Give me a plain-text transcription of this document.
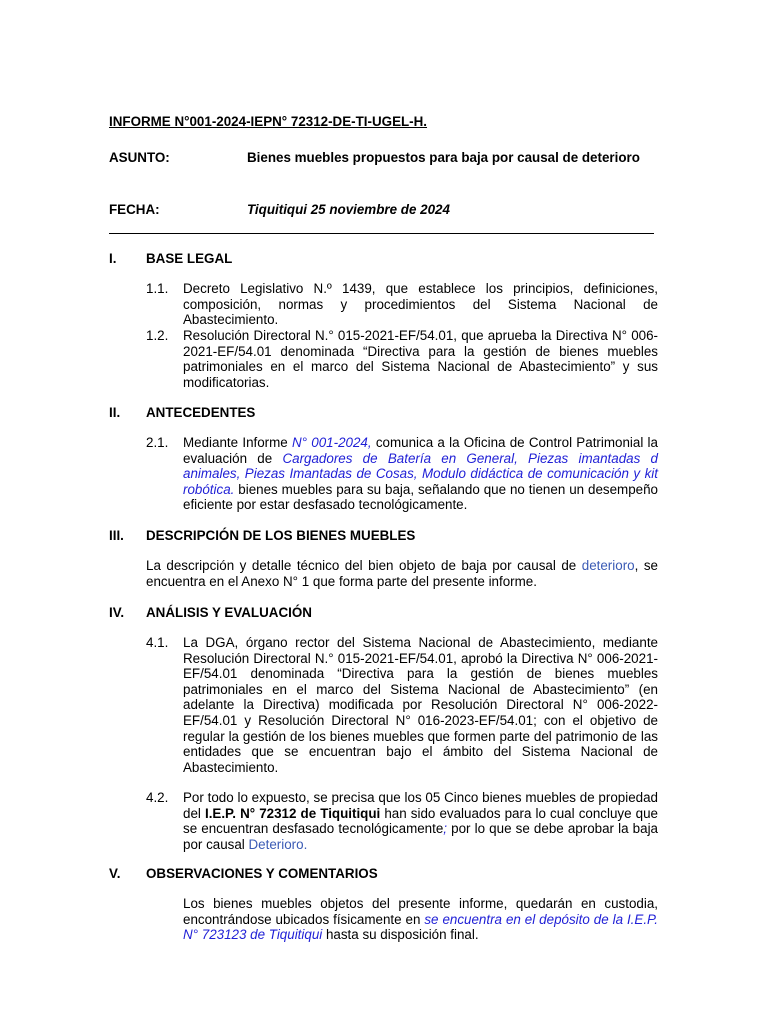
INFORME N°001-2024-IEPN° 72312-DE-TI-UGEL-H.
ASUNTO:	Bienes muebles propuestos para baja por causal de deterioro
FECHA:	Tiquitiqui 25 noviembre de 2024
I. BASE LEGAL
1.1. Decreto Legislativo N.º 1439, que establece los principios, definiciones, composición, normas y procedimientos del Sistema Nacional de Abastecimiento.
1.2. Resolución Directoral N.° 015-2021-EF/54.01, que aprueba la Directiva N° 006-2021-EF/54.01 denominada “Directiva para la gestión de bienes muebles patrimoniales en el marco del Sistema Nacional de Abastecimiento” y sus modificatorias.
II. ANTECEDENTES
2.1. Mediante Informe N° 001-2024, comunica a la Oficina de Control Patrimonial la evaluación de Cargadores de Batería en General, Piezas imantadas d animales, Piezas Imantadas de Cosas, Modulo didáctica de comunicación y kit robótica. bienes muebles para su baja, señalando que no tienen un desempeño eficiente por estar desfasado tecnológicamente.
III. DESCRIPCIÓN DE LOS BIENES MUEBLES
La descripción y detalle técnico del bien objeto de baja por causal de deterioro, se encuentra en el Anexo N° 1 que forma parte del presente informe.
IV. ANÁLISIS Y EVALUACIÓN
4.1. La DGA, órgano rector del Sistema Nacional de Abastecimiento, mediante Resolución Directoral N.° 015-2021-EF/54.01, aprobó la Directiva N° 006-2021-EF/54.01 denominada “Directiva para la gestión de bienes muebles patrimoniales en el marco del Sistema Nacional de Abastecimiento” (en adelante la Directiva) modificada por Resolución Directoral N° 006-2022-EF/54.01 y Resolución Directoral N° 016-2023-EF/54.01; con el objetivo de regular la gestión de los bienes muebles que formen parte del patrimonio de las entidades que se encuentran bajo el ámbito del Sistema Nacional de Abastecimiento.
4.2. Por todo lo expuesto, se precisa que los 05 Cinco bienes muebles de propiedad del I.E.P. N° 72312 de Tiquitiqui han sido evaluados para lo cual concluye que se encuentran desfasado tecnológicamente; por lo que se debe aprobar la baja por causal Deterioro.
V. OBSERVACIONES Y COMENTARIOS
Los bienes muebles objetos del presente informe, quedarán en custodia, encontrándose ubicados físicamente en se encuentra en el depósito de la I.E.P. N° 723123 de Tiquitiqui hasta su disposición final.
